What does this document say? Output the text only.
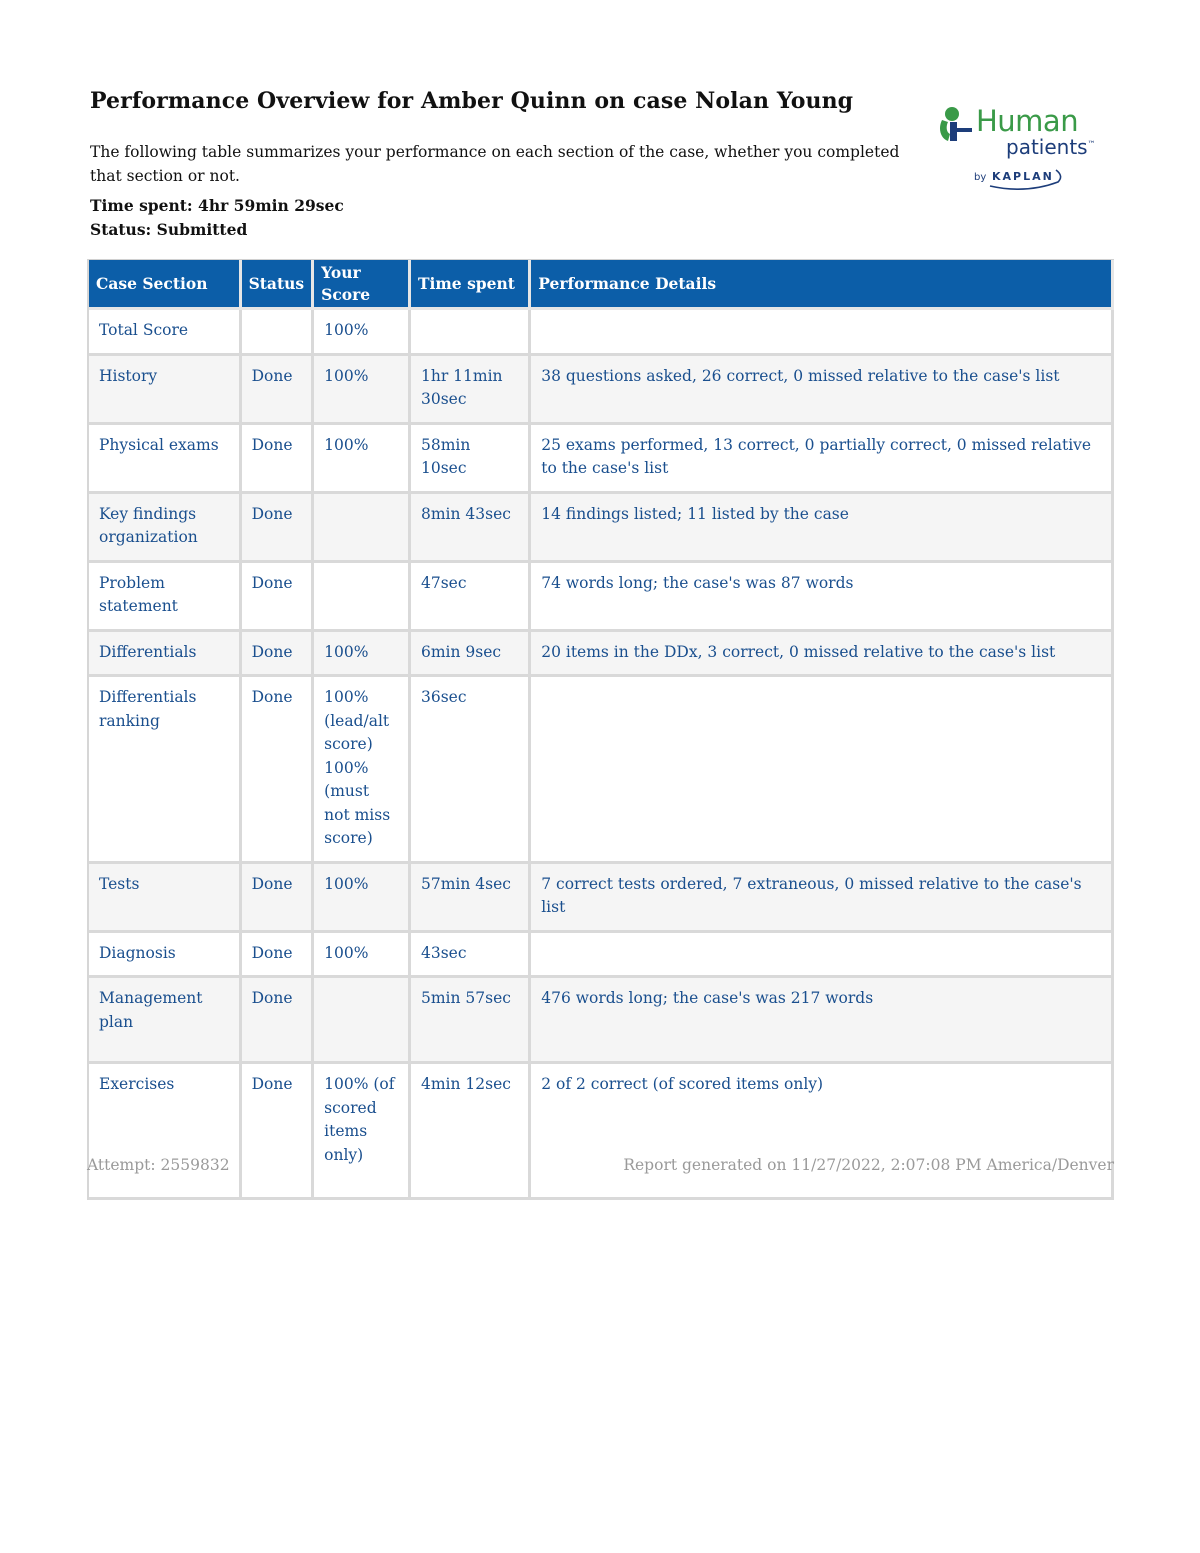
Performance Overview for Amber Quinn on case Nolan Young
The following table summarizes your performance on each section of the case, whether you completed that section or not.
Time spent: 4hr 59min 29sec
Status: Submitted
Human
patients™
by KAPLAN
Case Section	Status	Your Score	Time spent	Performance Details
Total Score		100%		
History	Done	100%	1hr 11min 30sec	38 questions asked, 26 correct, 0 missed relative to the case's list
Physical exams	Done	100%	58min 10sec	25 exams performed, 13 correct, 0 partially correct, 0 missed relative to the case's list
Key findings organization	Done		8min 43sec	14 findings listed; 11 listed by the case
Problem statement	Done		47sec	74 words long; the case's was 87 words
Differentials	Done	100%	6min 9sec	20 items in the DDx, 3 correct, 0 missed relative to the case's list
Differentials ranking	Done	100% (lead/alt score) 100% (must not miss score)	36sec	
Tests	Done	100%	57min 4sec	7 correct tests ordered, 7 extraneous, 0 missed relative to the case's list
Diagnosis	Done	100%	43sec	
Management plan	Done		5min 57sec	476 words long; the case's was 217 words
Exercises	Done	100% (of scored items only)	4min 12sec	2 of 2 correct (of scored items only)
Attempt: 2559832	Report generated on 11/27/2022, 2:07:08 PM America/Denver
